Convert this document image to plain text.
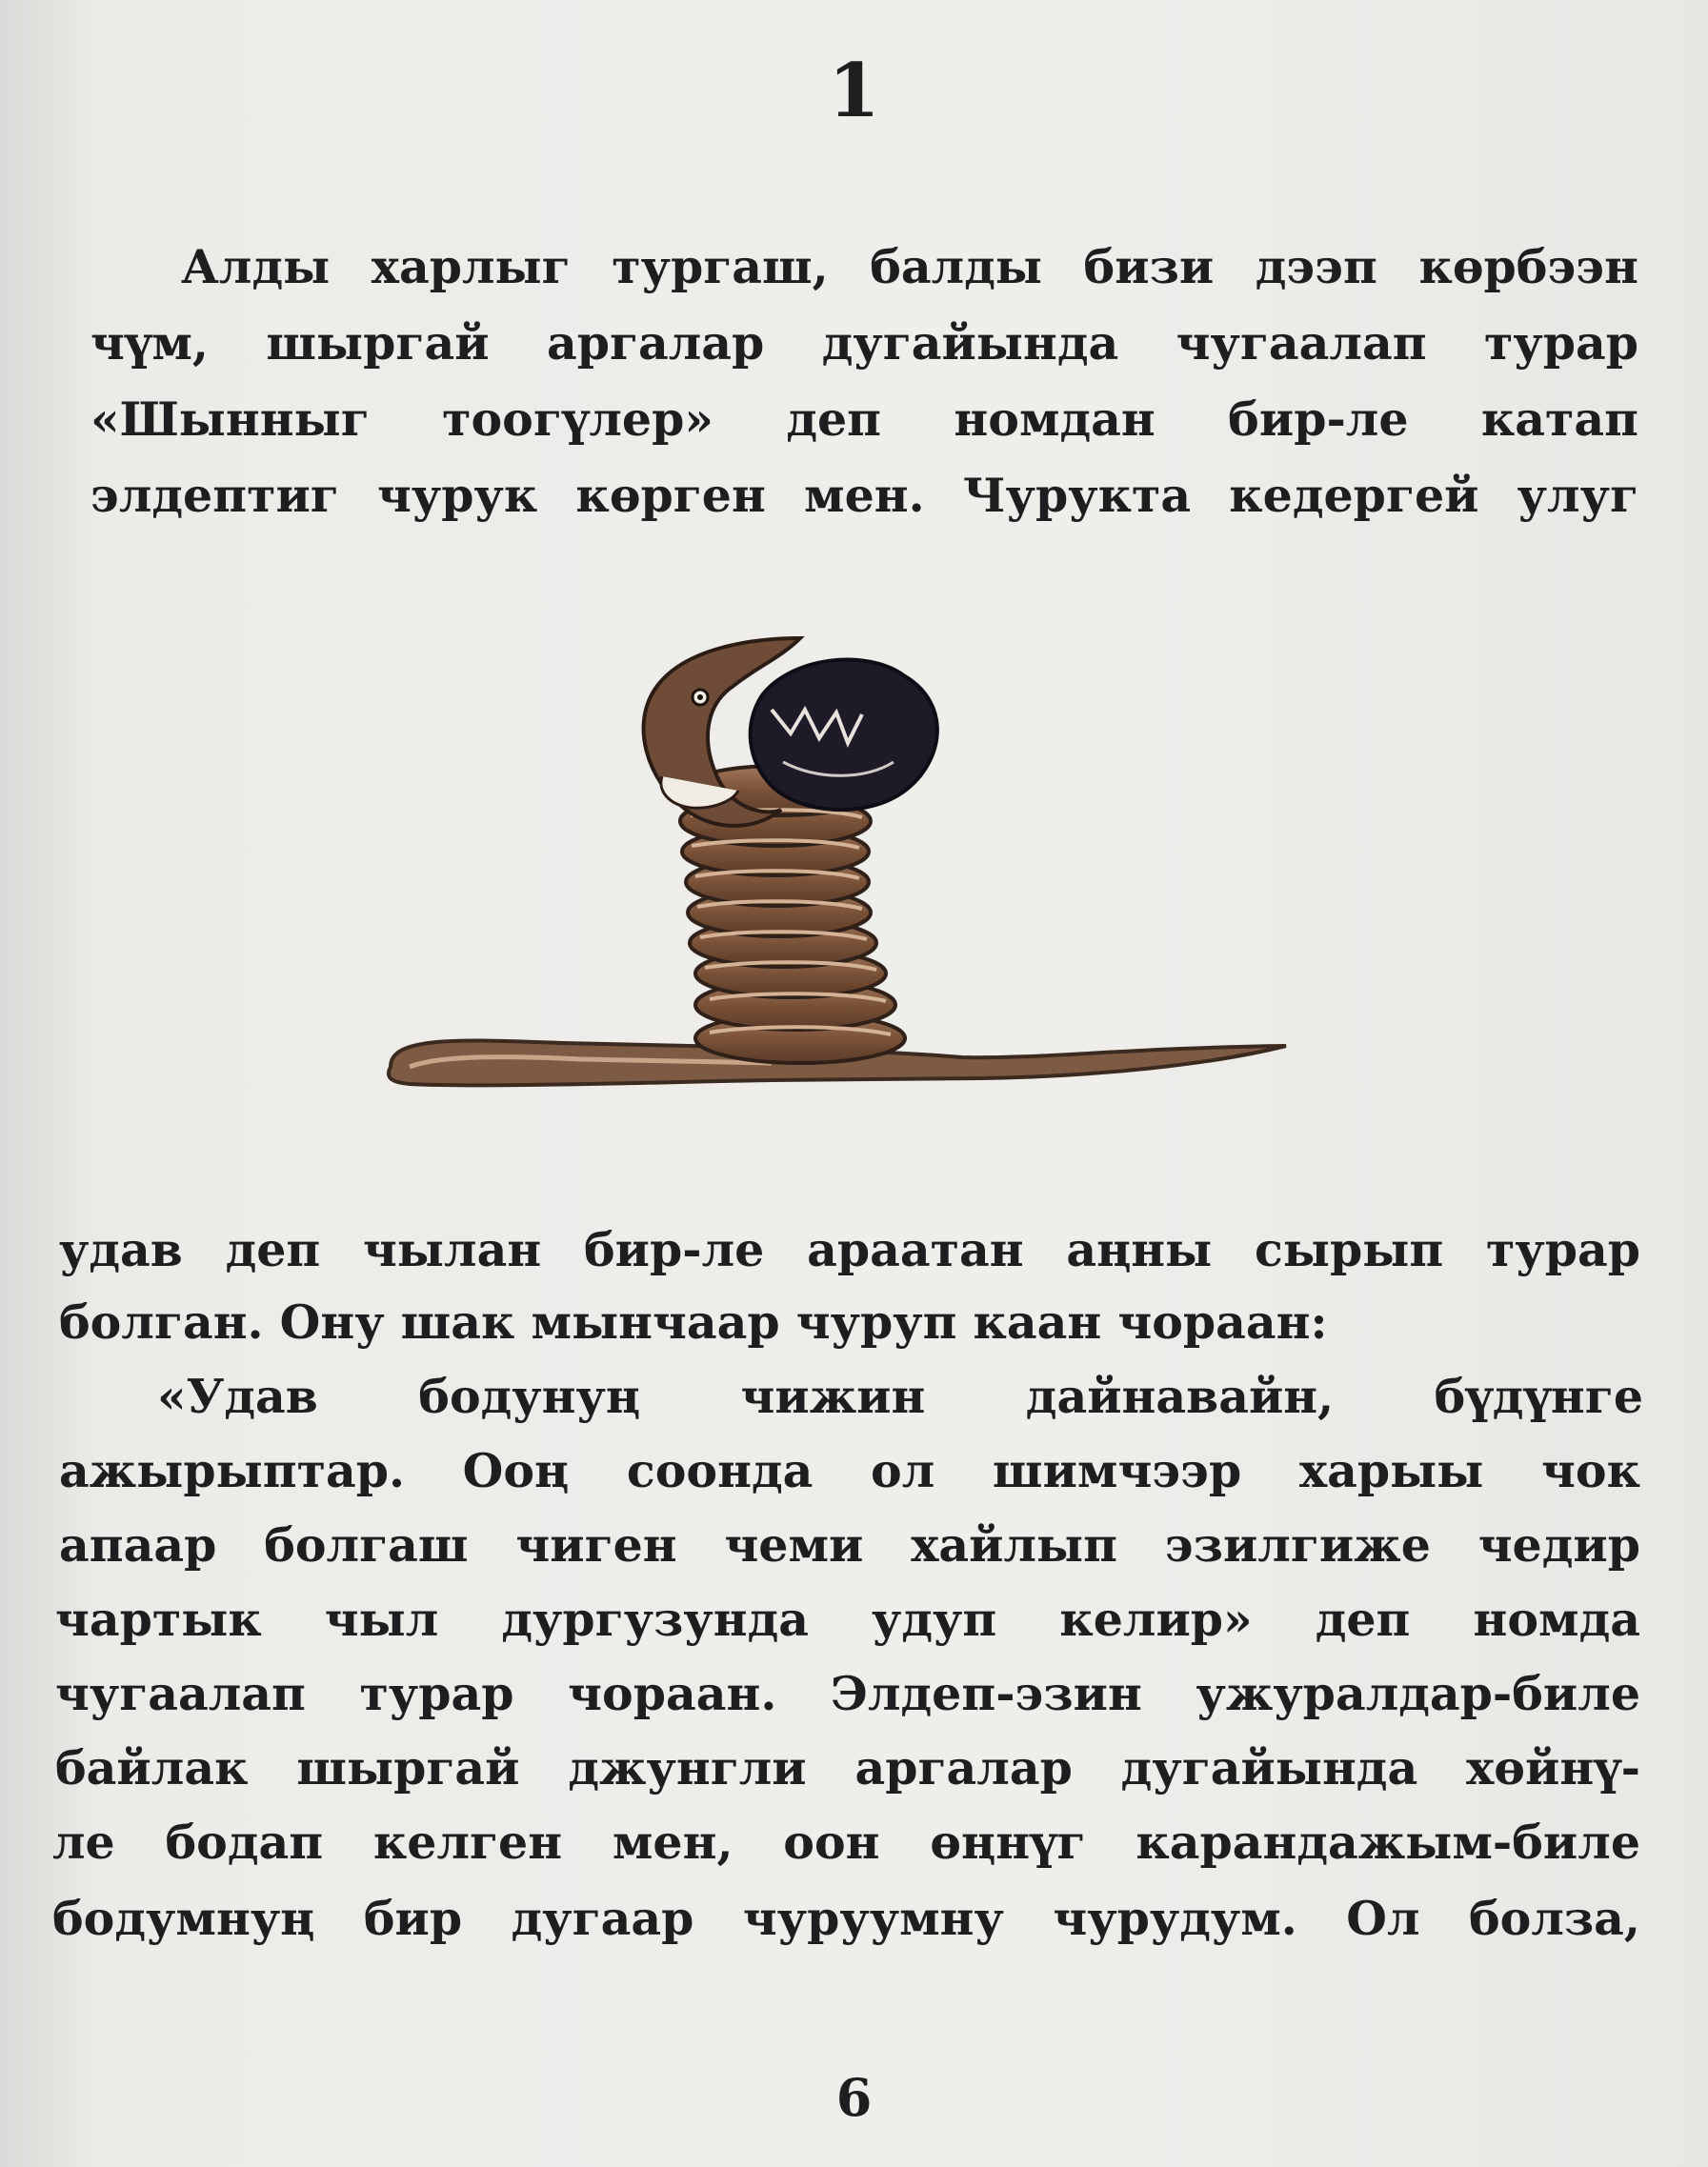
1
Алды харлыг тургаш, балды бизи дээп көрбээн
чүм, шыргай аргалар дугайында чугаалап турар
«Шынныг тоогүлер» деп номдан бир-ле катап
элдептиг чурук көрген мен. Чурукта кедергей улуг
удав деп чылан бир-ле араатан аңны сырып турар
болган. Ону шак мынчаар чуруп каан чораан:
«Удав бодунуң чижин дайнавайн, бүдүнге
ажырыптар. Ооң соонда ол шимчээр харыы чок
апаар болгаш чиген чеми хайлып эзилгиже чедир
чартык чыл дургузунда удуп келир» деп номда
чугаалап турар чораан. Элдеп-эзин ужуралдар-биле
байлак шыргай джунгли аргалар дугайында хөйнү-
ле бодап келген мен, оон өңнүг карандажым-биле
бодумнуң бир дугаар чуруумну чурудум. Ол болза,
6
